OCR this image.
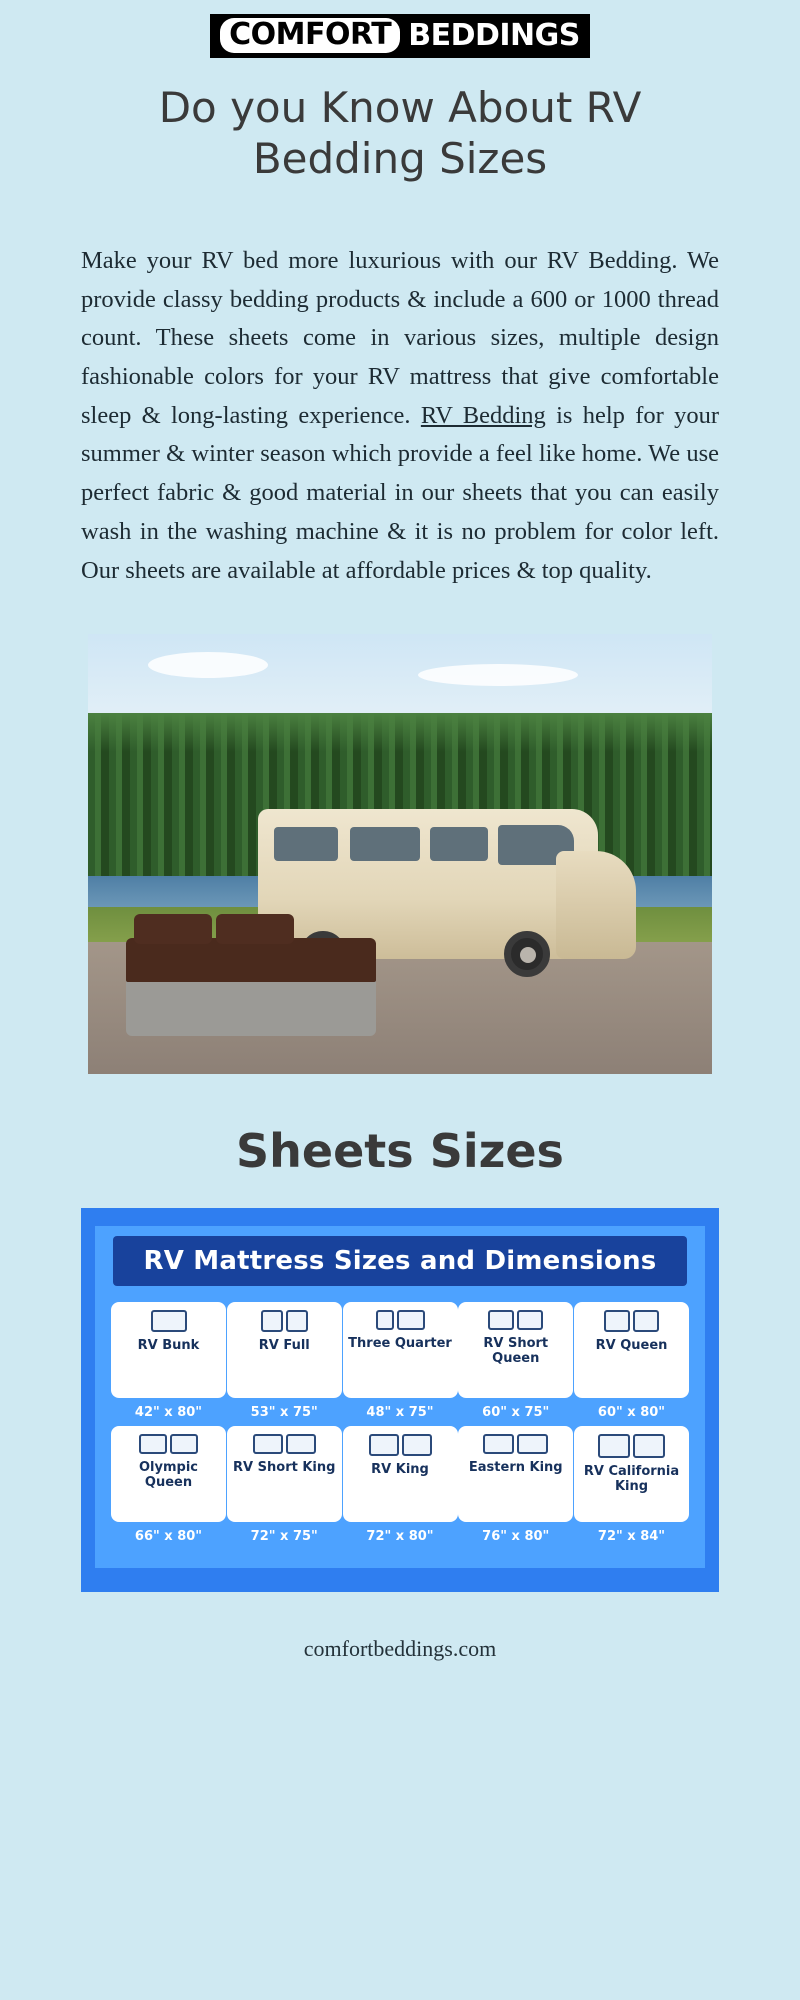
COMFORT BEDDINGS
Do you Know About RV Bedding Sizes

Make your RV bed more luxurious with our RV Bedding. We provide classy bedding products & include a 600 or 1000 thread count. These sheets come in various sizes, multiple design fashionable colors for your RV mattress that give comfortable sleep & long-lasting experience. RV Bedding is help for your summer & winter season which provide a feel like home. We use perfect fabric & good material in our sheets that you can easily wash in the washing machine & it is no problem for color left. Our sheets are available at affordable prices & top quality.

Sheets Sizes
RV Mattress Sizes and Dimensions
RV Bunk
42" x 80"
RV Full
53" x 75"
Three Quarter
48" x 75"
RV Short Queen
60" x 75"
RV Queen
60" x 80"
Olympic Queen
66" x 80"
RV Short King
72" x 75"
RV King
72" x 80"
Eastern King
76" x 80"
RV California King
72" x 84"
comfortbeddings.com
